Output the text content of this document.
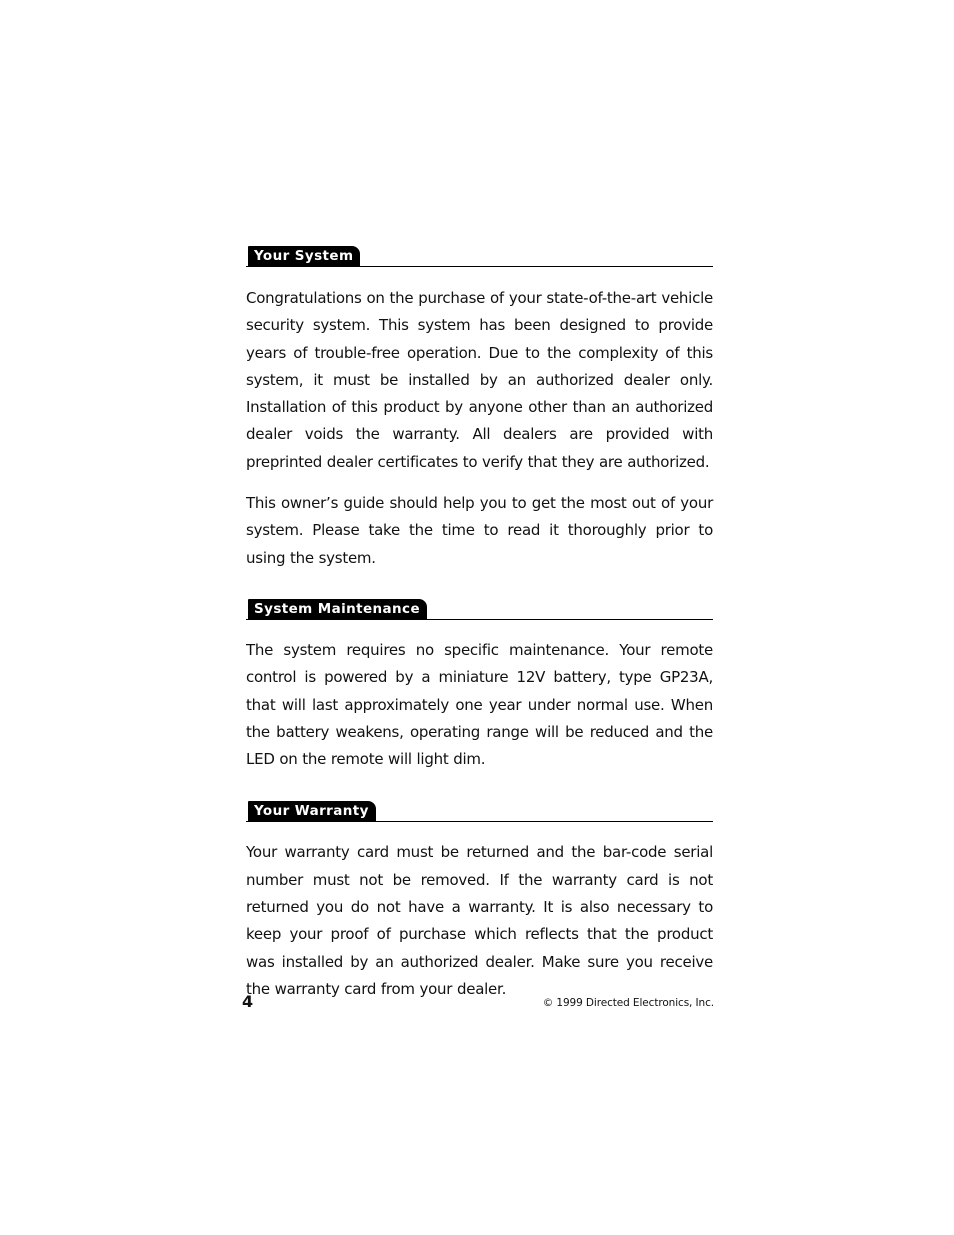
Your System

Congratulations on the purchase of your state-of-the-art vehicle security system. This system has been designed to provide years of trouble-free operation. Due to the complexity of this system, it must be installed by an authorized dealer only. Installation of this product by anyone other than an authorized dealer voids the warranty. All dealers are provided with preprinted dealer certificates to verify that they are authorized.

This owner’s guide should help you to get the most out of your system. Please take the time to read it thoroughly prior to using the system.

System Maintenance

The system requires no specific maintenance. Your remote control is powered by a miniature 12V battery, type GP23A, that will last approximately one year under normal use. When the battery weakens, operating range will be reduced and the LED on the remote will light dim.

Your Warranty

Your warranty card must be returned and the bar-code serial number must not be removed. If the warranty card is not returned you do not have a warranty. It is also necessary to keep your proof of purchase which reflects that the product was installed by an authorized dealer. Make sure you receive the warranty card from your dealer.

4	© 1999 Directed Electronics, Inc.
